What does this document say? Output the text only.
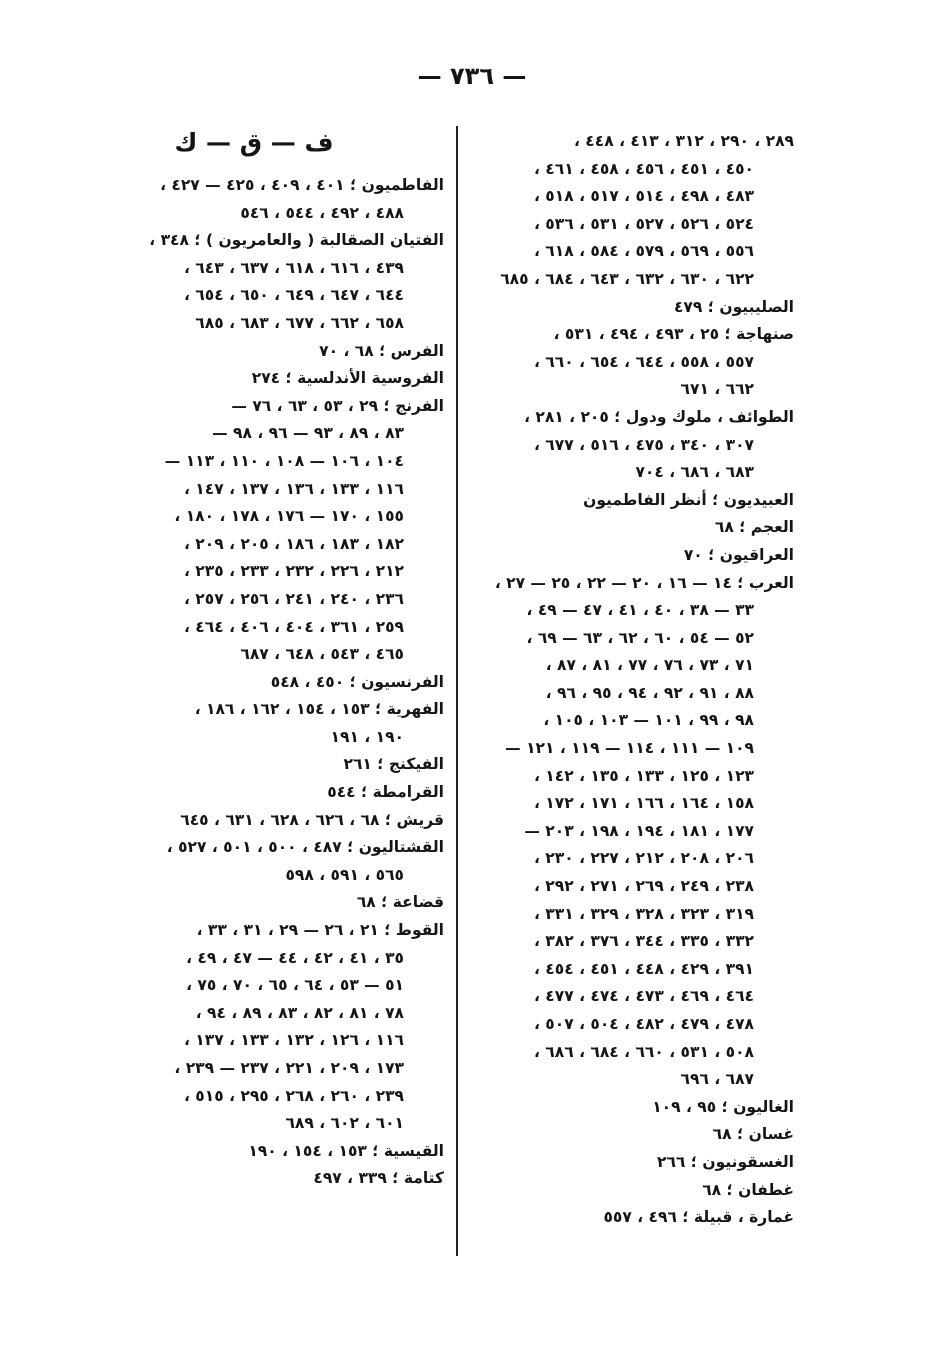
— ٧٣٦ —
٢٨٩ ، ٢٩٠ ، ٣١٢ ، ٤١٣ ، ٤٤٨ ،
٤٥٠ ، ٤٥١ ، ٤٥٦ ، ٤٥٨ ، ٤٦١ ،
٤٨٣ ، ٤٩٨ ، ٥١٤ ، ٥١٧ ، ٥١٨ ،
٥٢٤ ، ٥٢٦ ، ٥٢٧ ، ٥٣١ ، ٥٣٦ ،
٥٥٦ ، ٥٦٩ ، ٥٧٩ ، ٥٨٤ ، ٦١٨ ،
٦٢٢ ، ٦٣٠ ، ٦٣٢ ، ٦٤٣ ، ٦٨٤ ، ٦٨٥
الصليبيون ؛ ٤٧٩
صنهاجة ؛ ٢٥ ، ٤٩٣ ، ٤٩٤ ، ٥٣١ ،
٥٥٧ ، ٥٥٨ ، ٦٤٤ ، ٦٥٤ ، ٦٦٠ ،
٦٦٢ ، ٦٧١
الطوائف ، ملوك ودول ؛ ٢٠٥ ، ٢٨١ ،
٣٠٧ ، ٣٤٠ ، ٤٧٥ ، ٥١٦ ، ٦٧٧ ،
٦٨٣ ، ٦٨٦ ، ٧٠٤
العبيديون ؛ أنظر الفاطميون
العجم ؛ ٦٨
العراقيون ؛ ٧٠
العرب ؛ ١٤ — ١٦ ، ٢٠ — ٢٢ ، ٢٥ — ٢٧ ،
٣٣ — ٣٨ ، ٤٠ ، ٤١ ، ٤٧ — ٤٩ ،
٥٢ — ٥٤ ، ٦٠ ، ٦٢ ، ٦٣ — ٦٩ ،
٧١ ، ٧٣ ، ٧٦ ، ٧٧ ، ٨١ ، ٨٧ ،
٨٨ ، ٩١ ، ٩٢ ، ٩٤ ، ٩٥ ، ٩٦ ،
٩٨ ، ٩٩ ، ١٠١ — ١٠٣ ، ١٠٥ ،
١٠٩ — ١١١ ، ١١٤ — ١١٩ ، ١٢١ —
١٢٣ ، ١٢٥ ، ١٣٣ ، ١٣٥ ، ١٤٢ ،
١٥٨ ، ١٦٤ ، ١٦٦ ، ١٧١ ، ١٧٢ ،
١٧٧ ، ١٨١ ، ١٩٤ ، ١٩٨ ، ٢٠٣ —
٢٠٦ ، ٢٠٨ ، ٢١٢ ، ٢٢٧ ، ٢٣٠ ،
٢٣٨ ، ٢٤٩ ، ٢٦٩ ، ٢٧١ ، ٢٩٢ ،
٣١٩ ، ٣٢٣ ، ٣٢٨ ، ٣٢٩ ، ٣٣١ ،
٣٣٢ ، ٣٣٥ ، ٣٤٤ ، ٣٧٦ ، ٣٨٢ ،
٣٩١ ، ٤٢٩ ، ٤٤٨ ، ٤٥١ ، ٤٥٤ ،
٤٦٤ ، ٤٦٩ ، ٤٧٣ ، ٤٧٤ ، ٤٧٧ ،
٤٧٨ ، ٤٧٩ ، ٤٨٢ ، ٥٠٤ ، ٥٠٧ ،
٥٠٨ ، ٥٣١ ، ٦٦٠ ، ٦٨٤ ، ٦٨٦ ،
٦٨٧ ، ٦٩٦
الغاليون ؛ ٩٥ ، ١٠٩
غسان ؛ ٦٨
الغسقونيون ؛ ٢٦٦
غطفان ؛ ٦٨
غمارة ، قبيلة ؛ ٤٩٦ ، ٥٥٧
ف — ق — ك
الفاطميون ؛ ٤٠١ ، ٤٠٩ ، ٤٢٥ — ٤٢٧ ،
٤٨٨ ، ٤٩٢ ، ٥٤٤ ، ٥٤٦
الفتيان الصقالبة ( والعامريون ) ؛ ٣٤٨ ،
٤٣٩ ، ٦١٦ ، ٦١٨ ، ٦٣٧ ، ٦٤٣ ،
٦٤٤ ، ٦٤٧ ، ٦٤٩ ، ٦٥٠ ، ٦٥٤ ،
٦٥٨ ، ٦٦٢ ، ٦٧٧ ، ٦٨٣ ، ٦٨٥
الفرس ؛ ٦٨ ، ٧٠
الفروسية الأندلسية ؛ ٢٧٤
الفرنج ؛ ٢٩ ، ٥٣ ، ٦٣ ، ٧٦ —
٨٣ ، ٨٩ ، ٩٣ — ٩٦ ، ٩٨ —
١٠٤ ، ١٠٦ — ١٠٨ ، ١١٠ ، ١١٣ —
١١٦ ، ١٣٣ ، ١٣٦ ، ١٣٧ ، ١٤٧ ،
١٥٥ ، ١٧٠ — ١٧٦ ، ١٧٨ ، ١٨٠ ،
١٨٢ ، ١٨٣ ، ١٨٦ ، ٢٠٥ ، ٢٠٩ ،
٢١٢ ، ٢٢٦ ، ٢٣٢ ، ٢٣٣ ، ٢٣٥ ،
٢٣٦ ، ٢٤٠ ، ٢٤١ ، ٢٥٦ ، ٢٥٧ ،
٢٥٩ ، ٣٦١ ، ٤٠٤ ، ٤٠٦ ، ٤٦٤ ،
٤٦٥ ، ٥٤٣ ، ٦٤٨ ، ٦٨٧
الفرنسيون ؛ ٤٥٠ ، ٥٤٨
الفهرية ؛ ١٥٣ ، ١٥٤ ، ١٦٢ ، ١٨٦ ،
١٩٠ ، ١٩١
الفيكنج ؛ ٢٦١
القرامطة ؛ ٥٤٤
قريش ؛ ٦٨ ، ٦٢٦ ، ٦٢٨ ، ٦٣١ ، ٦٤٥
القشتاليون ؛ ٤٨٧ ، ٥٠٠ ، ٥٠١ ، ٥٢٧ ،
٥٦٥ ، ٥٩١ ، ٥٩٨
قضاعة ؛ ٦٨
القوط ؛ ٢١ ، ٢٦ — ٢٩ ، ٣١ ، ٣٣ ،
٣٥ ، ٤١ ، ٤٢ ، ٤٤ — ٤٧ ، ٤٩ ،
٥١ — ٥٣ ، ٦٤ ، ٦٥ ، ٧٠ ، ٧٥ ،
٧٨ ، ٨١ ، ٨٢ ، ٨٣ ، ٨٩ ، ٩٤ ،
١١٦ ، ١٢٦ ، ١٣٢ ، ١٣٣ ، ١٣٧ ،
١٧٣ ، ٢٠٩ ، ٢٢١ ، ٢٣٧ — ٢٣٩ ،
٢٣٩ ، ٢٦٠ ، ٢٦٨ ، ٢٩٥ ، ٥١٥ ،
٦٠١ ، ٦٠٢ ، ٦٨٩
القيسية ؛ ١٥٣ ، ١٥٤ ، ١٩٠
كتامة ؛ ٣٣٩ ، ٤٩٧
